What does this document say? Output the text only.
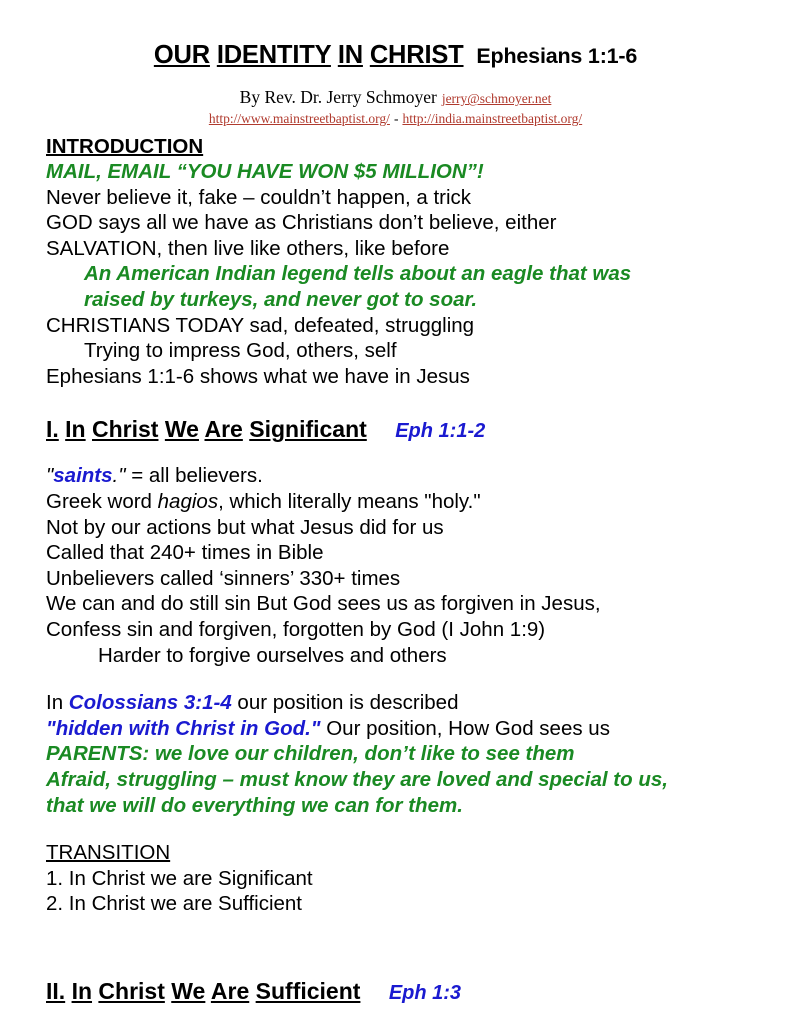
OUR IDENTITY IN CHRIST Ephesians 1:1-6

By Rev. Dr. Jerry Schmoyer jerry@schmoyer.net

http://www.mainstreetbaptist.org/ - http://india.mainstreetbaptist.org/

INTRODUCTION

MAIL, EMAIL “YOU HAVE WON $5 MILLION”!

Never believe it, fake – couldn’t happen, a trick

GOD says all we have as Christians don’t believe, either

SALVATION, then live like others, like before

An American Indian legend tells about an eagle that was

raised by turkeys, and never got to soar.

CHRISTIANS TODAY sad, defeated, struggling

Trying to impress God, others, self

Ephesians 1:1-6 shows what we have in Jesus

I. In Christ We Are Significant Eph 1:1-2

"saints." = all believers.

Greek word hagios, which literally means "holy."

Not by our actions but what Jesus did for us

Called that 240+ times in Bible

Unbelievers called ‘sinners’ 330+ times

We can and do still sin But God sees us as forgiven in Jesus,

Confess sin and forgiven, forgotten by God (I John 1:9)

Harder to forgive ourselves and others

In Colossians 3:1-4 our position is described

"hidden with Christ in God." Our position, How God sees us

PARENTS: we love our children, don’t like to see them

Afraid, struggling – must know they are loved and special to us,

that we will do everything we can for them.

TRANSITION

1. In Christ we are Significant

2. In Christ we are Sufficient

II. In Christ We Are Sufficient Eph 1:3
